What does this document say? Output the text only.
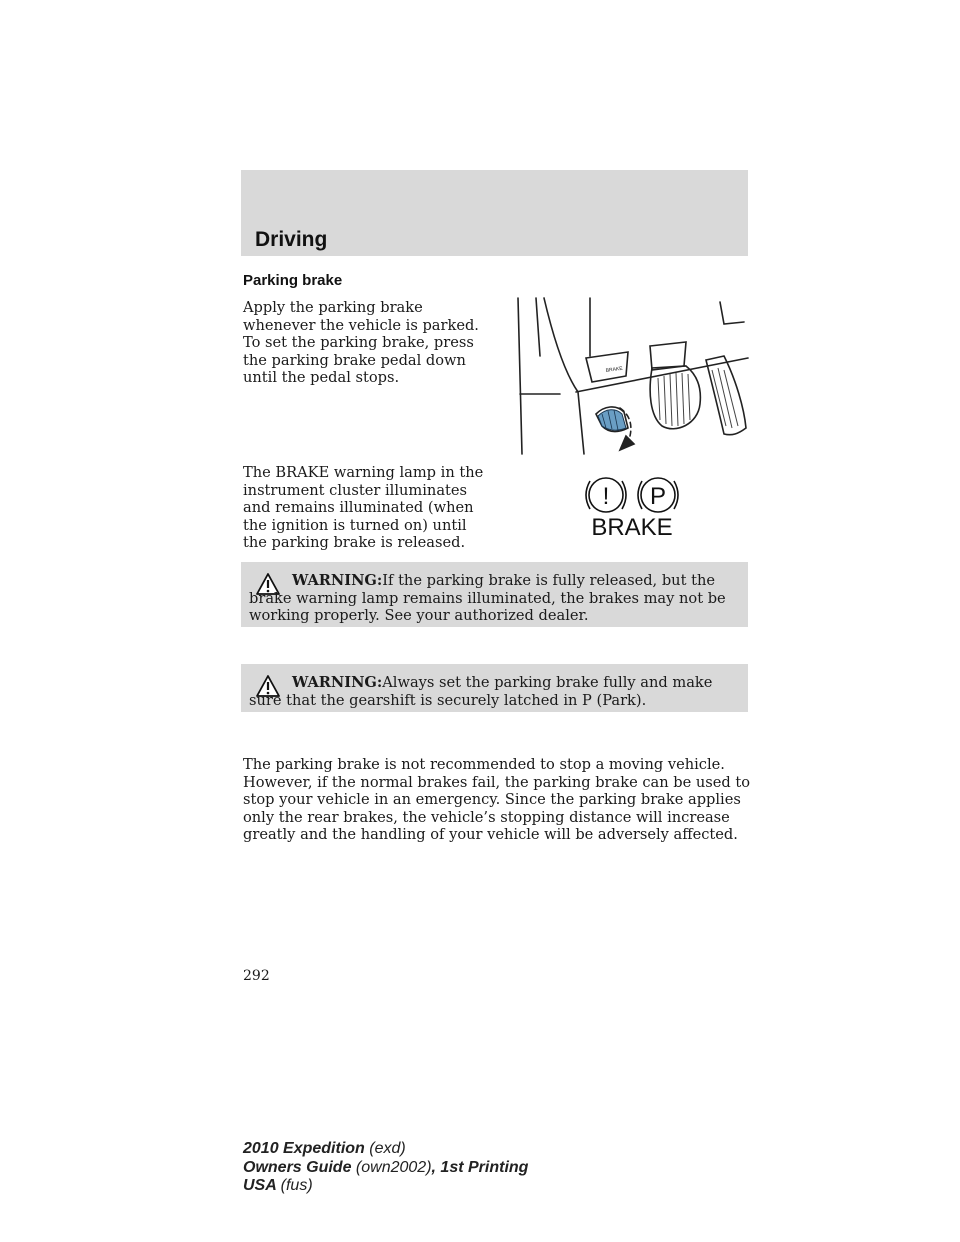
Driving
Parking brake

Apply the parking brake whenever the vehicle is parked. To set the parking brake, press the parking brake pedal down until the pedal stops.	BRAKE

The BRAKE warning lamp in the instrument cluster illuminates and remains illuminated (when the ignition is turned on) until the parking brake is released.

! P
BRAKE

WARNING:If the parking brake is fully released, but the brake warning lamp remains illuminated, the brakes may not be working properly. See your authorized dealer.

WARNING:Always set the parking brake fully and make sure that the gearshift is securely latched in P (Park).

The parking brake is not recommended to stop a moving vehicle. However, if the normal brakes fail, the parking brake can be used to stop your vehicle in an emergency. Since the parking brake applies only the rear brakes, the vehicle’s stopping distance will increase greatly and the handling of your vehicle will be adversely affected.

292
2010 Expedition (exd)
Owners Guide (own2002), 1st Printing
USA (fus)
